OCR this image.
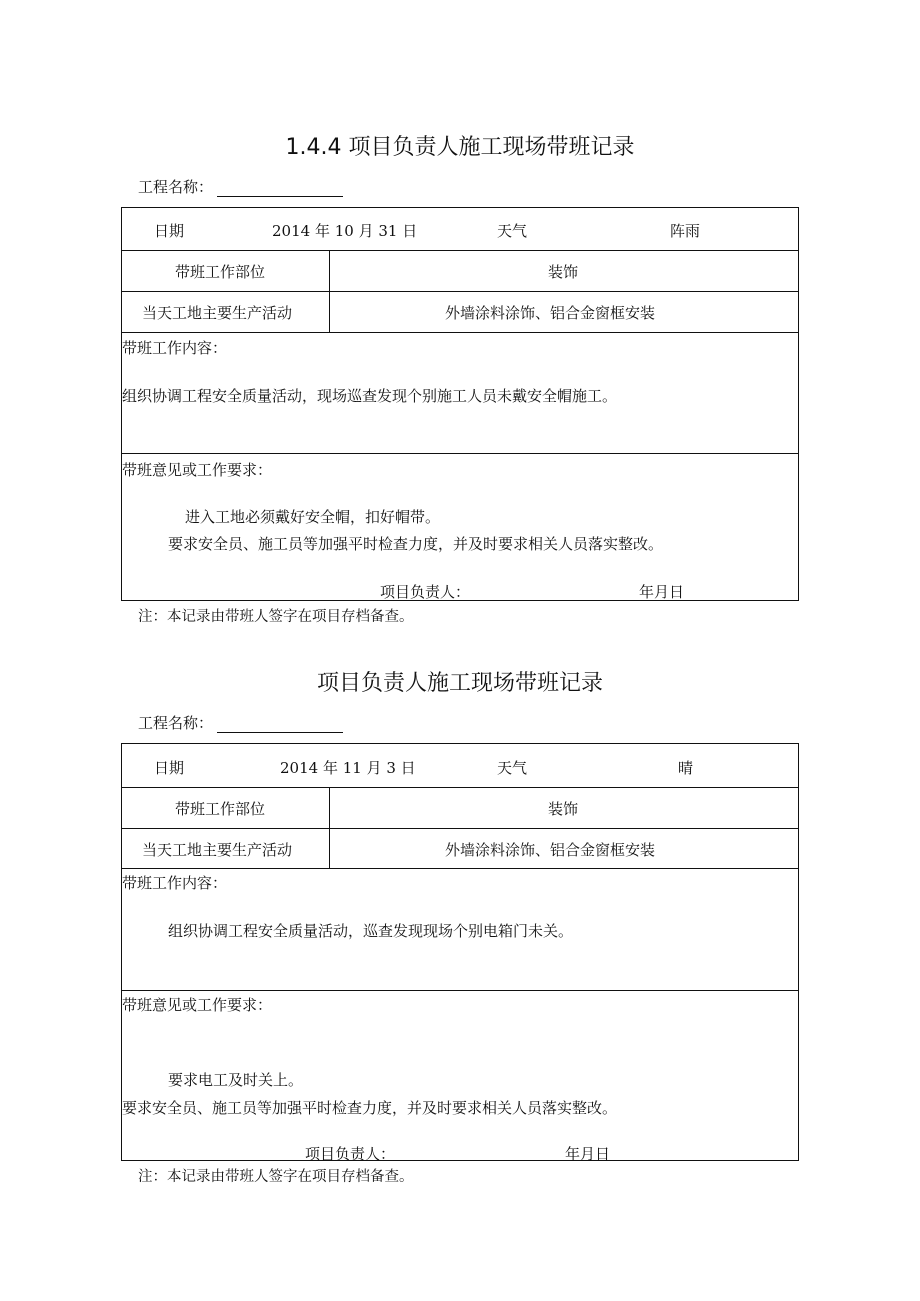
1.4.4 项目负责人施工现场带班记录
工程名称：
日期	2014 年 10 月 31 日	天气	阵雨
带班工作部位	装饰
当天工地主要生产活动	外墙涂料涂饰、铝合金窗框安装
带班工作内容：
组织协调工程安全质量活动，现场巡查发现个别施工人员未戴安全帽施工。
带班意见或工作要求：
进入工地必须戴好安全帽，扣好帽带。
要求安全员、施工员等加强平时检查力度，并及时要求相关人员落实整改。
项目负责人：	年月日
注：本记录由带班人签字在项目存档备查。
项目负责人施工现场带班记录
工程名称：
日期	2014 年 11 月 3 日	天气	晴
带班工作部位	装饰
当天工地主要生产活动	外墙涂料涂饰、铝合金窗框安装
带班工作内容：
组织协调工程安全质量活动，巡查发现现场个别电箱门未关。
带班意见或工作要求：
要求电工及时关上。
要求安全员、施工员等加强平时检查力度，并及时要求相关人员落实整改。
项目负责人：	年月日
注：本记录由带班人签字在项目存档备查。
